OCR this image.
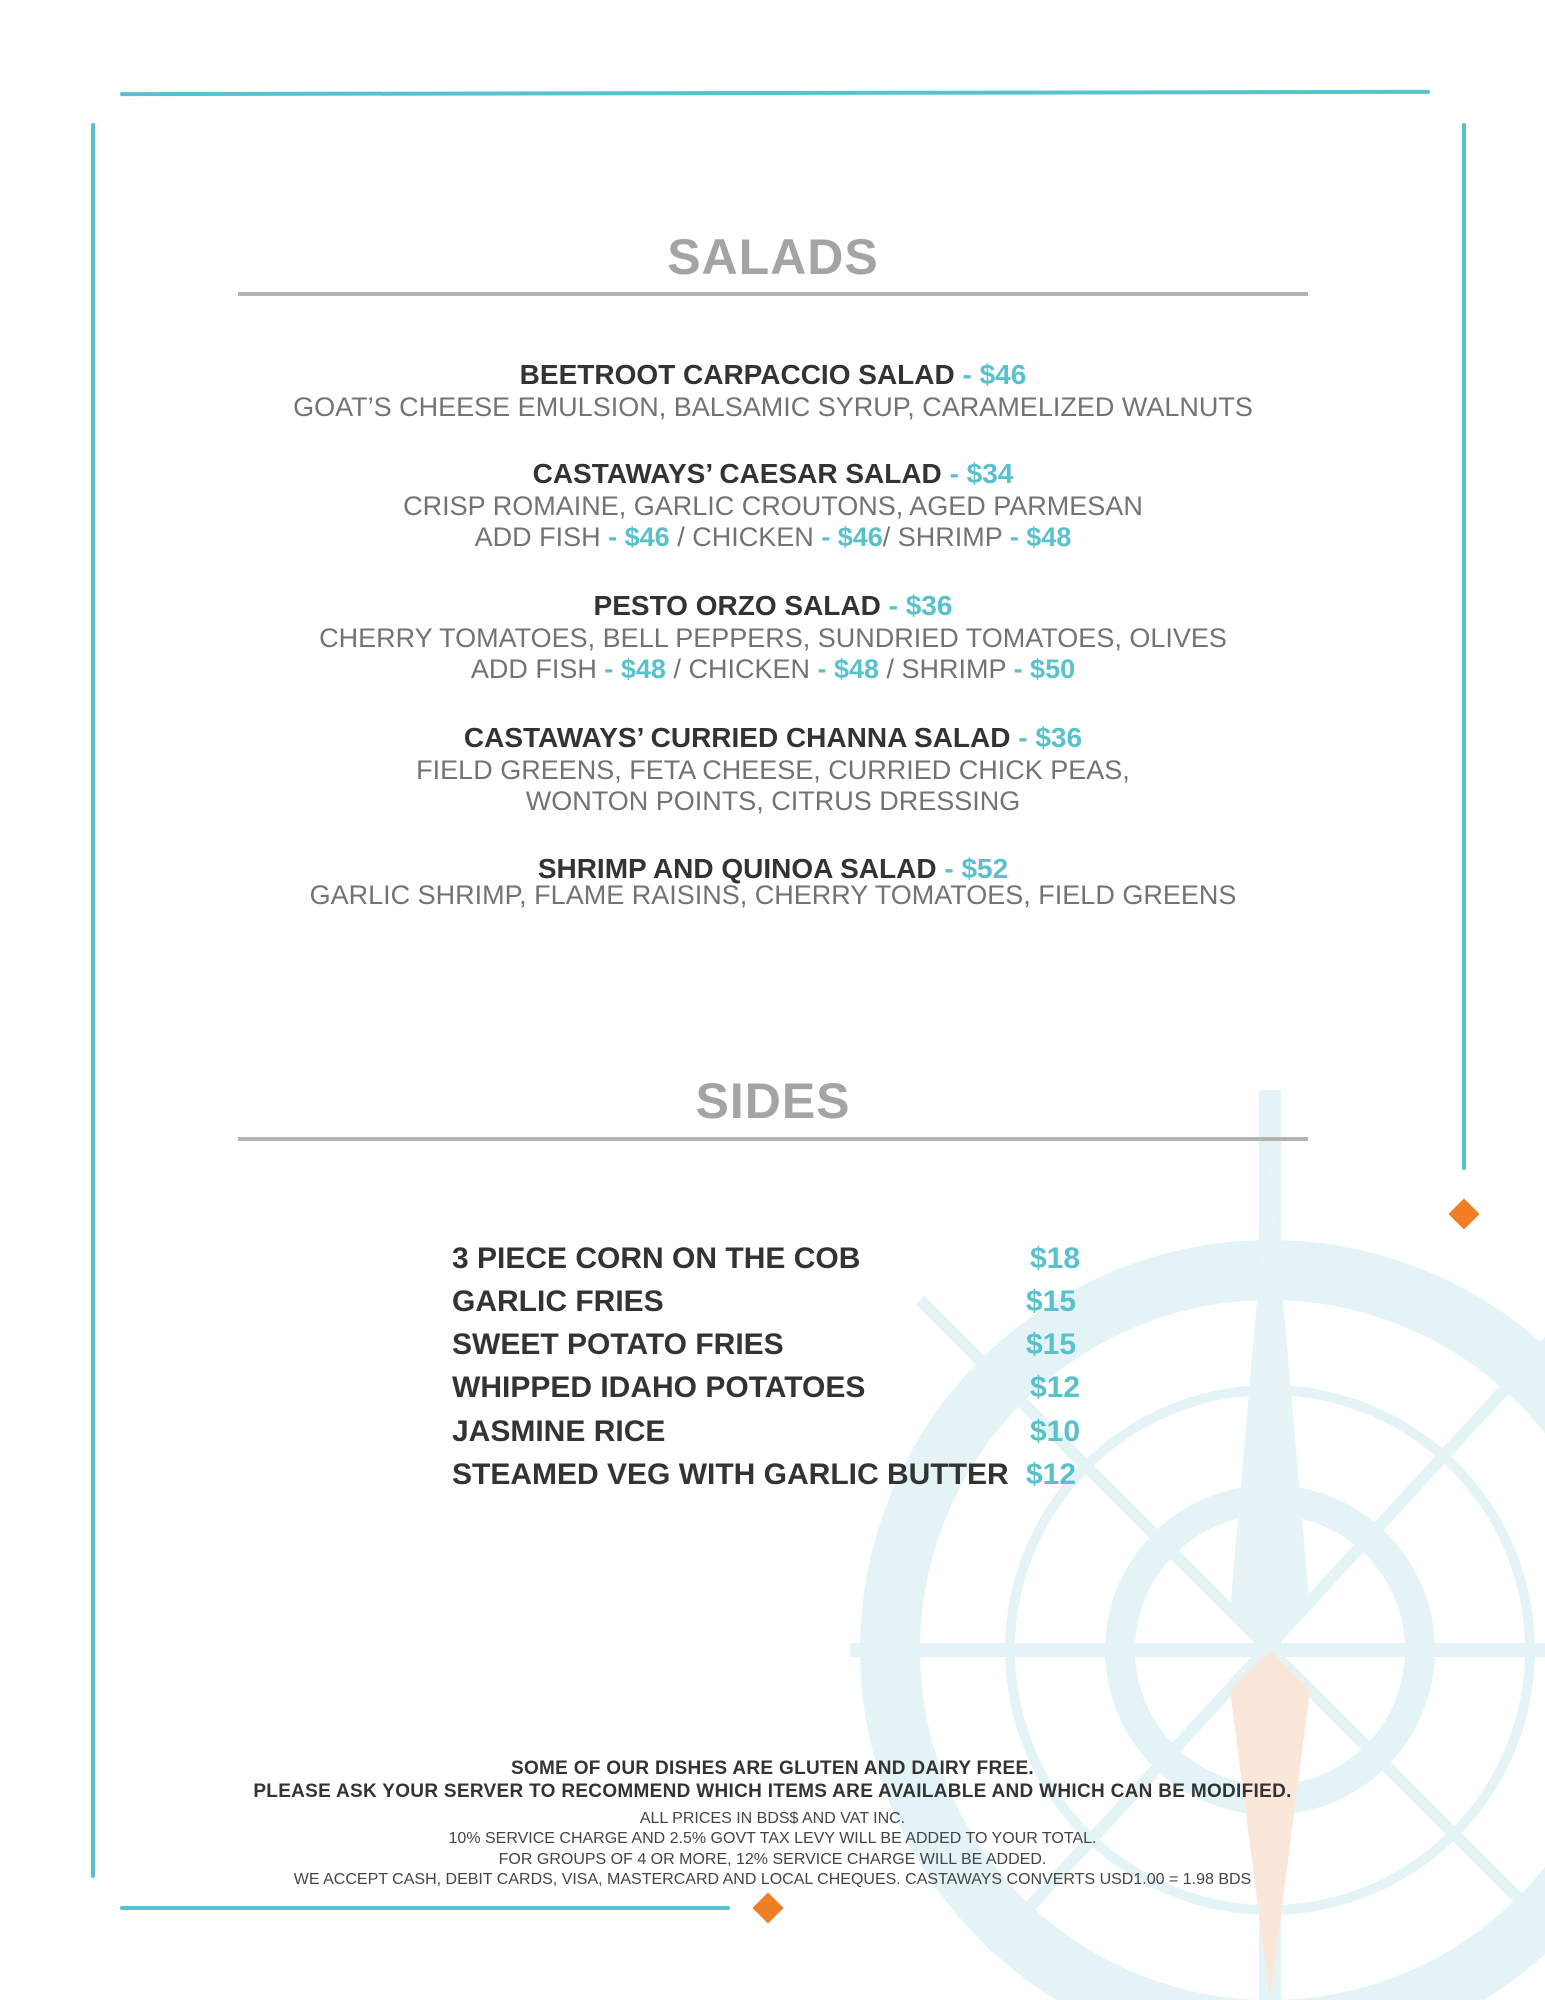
SALADS
BEETROOT CARPACCIO SALAD - $46
GOAT’S CHEESE EMULSION, BALSAMIC SYRUP, CARAMELIZED WALNUTS
CASTAWAYS’ CAESAR SALAD - $34
CRISP ROMAINE, GARLIC CROUTONS, AGED PARMESAN
ADD FISH - $46 / CHICKEN - $46/ SHRIMP - $48
PESTO ORZO SALAD - $36
CHERRY TOMATOES, BELL PEPPERS, SUNDRIED TOMATOES, OLIVES
ADD FISH - $48 / CHICKEN - $48 / SHRIMP - $50
CASTAWAYS’ CURRIED CHANNA SALAD - $36
FIELD GREENS, FETA CHEESE, CURRIED CHICK PEAS,
WONTON POINTS, CITRUS DRESSING
SHRIMP AND QUINOA SALAD - $52
GARLIC SHRIMP, FLAME RAISINS, CHERRY TOMATOES, FIELD GREENS
SIDES
3 PIECE CORN ON THE COB	$18
GARLIC FRIES	$15
SWEET POTATO FRIES	$15
WHIPPED IDAHO POTATOES	$12
JASMINE RICE	$10
STEAMED VEG WITH GARLIC BUTTER $12
SOME OF OUR DISHES ARE GLUTEN AND DAIRY FREE.
PLEASE ASK YOUR SERVER TO RECOMMEND WHICH ITEMS ARE AVAILABLE AND WHICH CAN BE MODIFIED.
ALL PRICES IN BDS$ AND VAT INC.
10% SERVICE CHARGE AND 2.5% GOVT TAX LEVY WILL BE ADDED TO YOUR TOTAL.
FOR GROUPS OF 4 OR MORE, 12% SERVICE CHARGE WILL BE ADDED.
WE ACCEPT CASH, DEBIT CARDS, VISA, MASTERCARD AND LOCAL CHEQUES. CASTAWAYS CONVERTS USD1.00 = 1.98 BDS
